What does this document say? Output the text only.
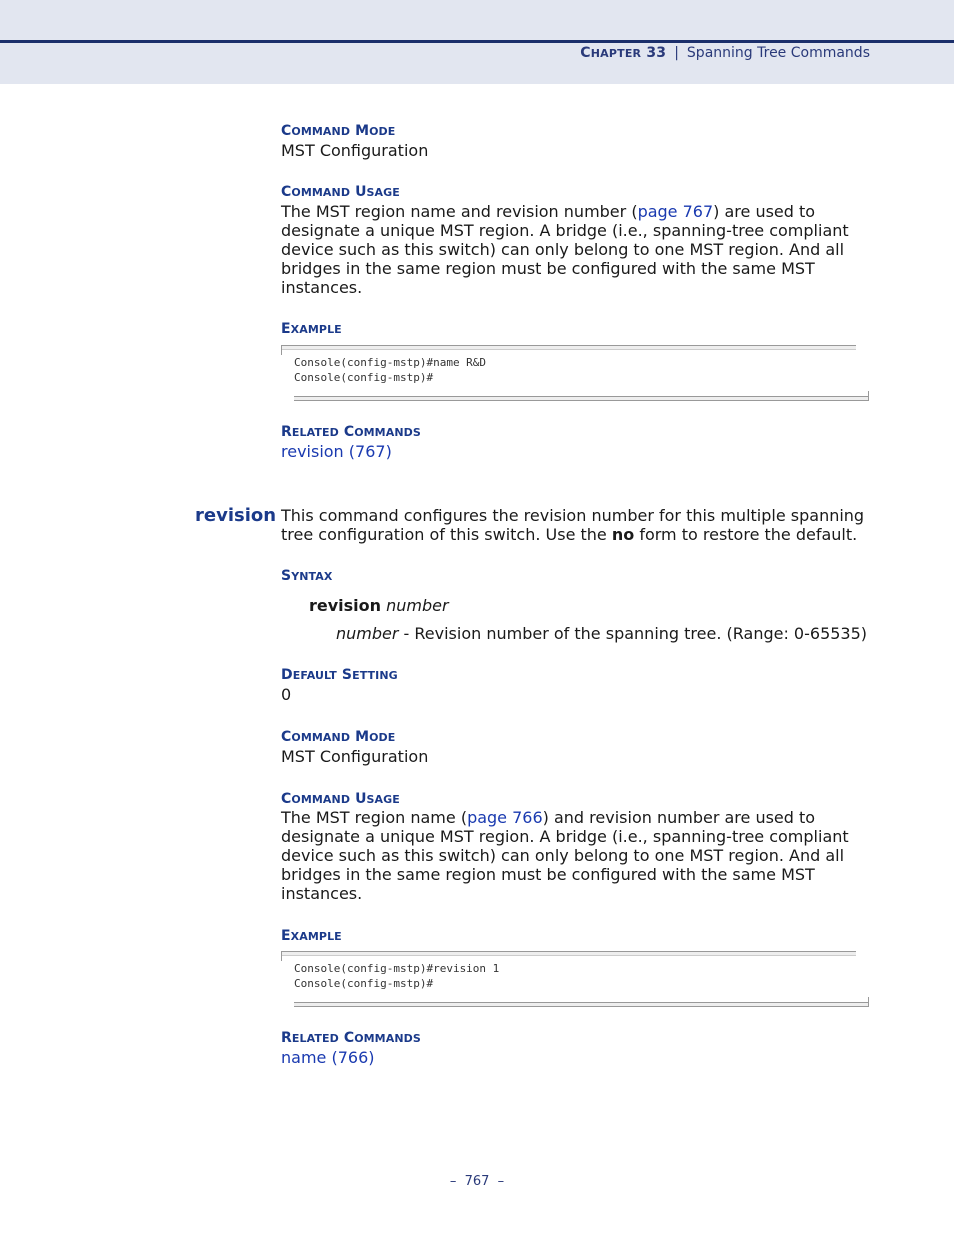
CHAPTER 33 | Spanning Tree Commands
COMMAND MODE
MST Configuration
COMMAND USAGE
The MST region name and revision number (page 767) are used to
designate a unique MST region. A bridge (i.e., spanning-tree compliant
device such as this switch) can only belong to one MST region. And all
bridges in the same region must be configured with the same MST
instances.
EXAMPLE
Console(config-mstp)#name R&D
Console(config-mstp)#
RELATED COMMANDS
revision (767)
revision This command configures the revision number for this multiple spanning
tree configuration of this switch. Use the no form to restore the default.
SYNTAX
revision number
number - Revision number of the spanning tree. (Range: 0-65535)
DEFAULT SETTING
0
COMMAND MODE
MST Configuration
COMMAND USAGE
The MST region name (page 766) and revision number are used to
designate a unique MST region. A bridge (i.e., spanning-tree compliant
device such as this switch) can only belong to one MST region. And all
bridges in the same region must be configured with the same MST
instances.
EXAMPLE
Console(config-mstp)#revision 1
Console(config-mstp)#
RELATED COMMANDS
name (766)
– 767 –
